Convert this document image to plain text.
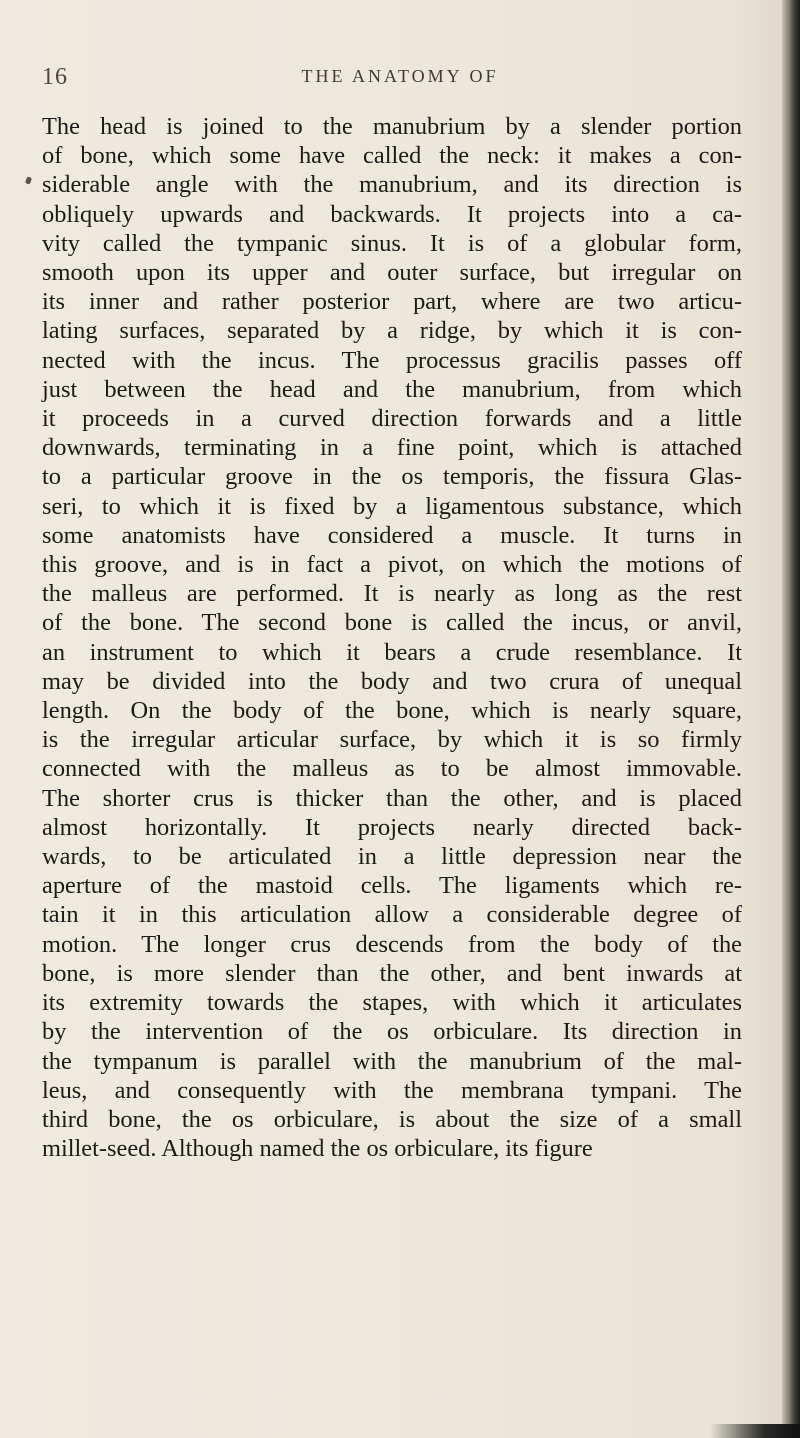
16	THE ANATOMY OF

The head is joined to the manubrium by a slender portion
of bone, which some have called the neck: it makes a con-
siderable angle with the manubrium, and its direction is
obliquely upwards and backwards. It projects into a ca-
vity called the tympanic sinus. It is of a globular form,
smooth upon its upper and outer surface, but irregular on
its inner and rather posterior part, where are two articu-
lating surfaces, separated by a ridge, by which it is con-
nected with the incus. The processus gracilis passes off
just between the head and the manubrium, from which
it proceeds in a curved direction forwards and a little
downwards, terminating in a fine point, which is attached
to a particular groove in the os temporis, the fissura Glas-
seri, to which it is fixed by a ligamentous substance, which
some anatomists have considered a muscle. It turns in
this groove, and is in fact a pivot, on which the motions of
the malleus are performed. It is nearly as long as the rest
of the bone. The second bone is called the incus, or anvil,
an instrument to which it bears a crude resemblance. It
may be divided into the body and two crura of unequal
length. On the body of the bone, which is nearly square,
is the irregular articular surface, by which it is so firmly
connected with the malleus as to be almost immovable.
The shorter crus is thicker than the other, and is placed
almost horizontally. It projects nearly directed back-
wards, to be articulated in a little depression near the
aperture of the mastoid cells. The ligaments which re-
tain it in this articulation allow a considerable degree of
motion. The longer crus descends from the body of the
bone, is more slender than the other, and bent inwards at
its extremity towards the stapes, with which it articulates
by the intervention of the os orbiculare. Its direction in
the tympanum is parallel with the manubrium of the mal-
leus, and consequently with the membrana tympani. The
third bone, the os orbiculare, is about the size of a small
millet-seed. Although named the os orbiculare, its figure
